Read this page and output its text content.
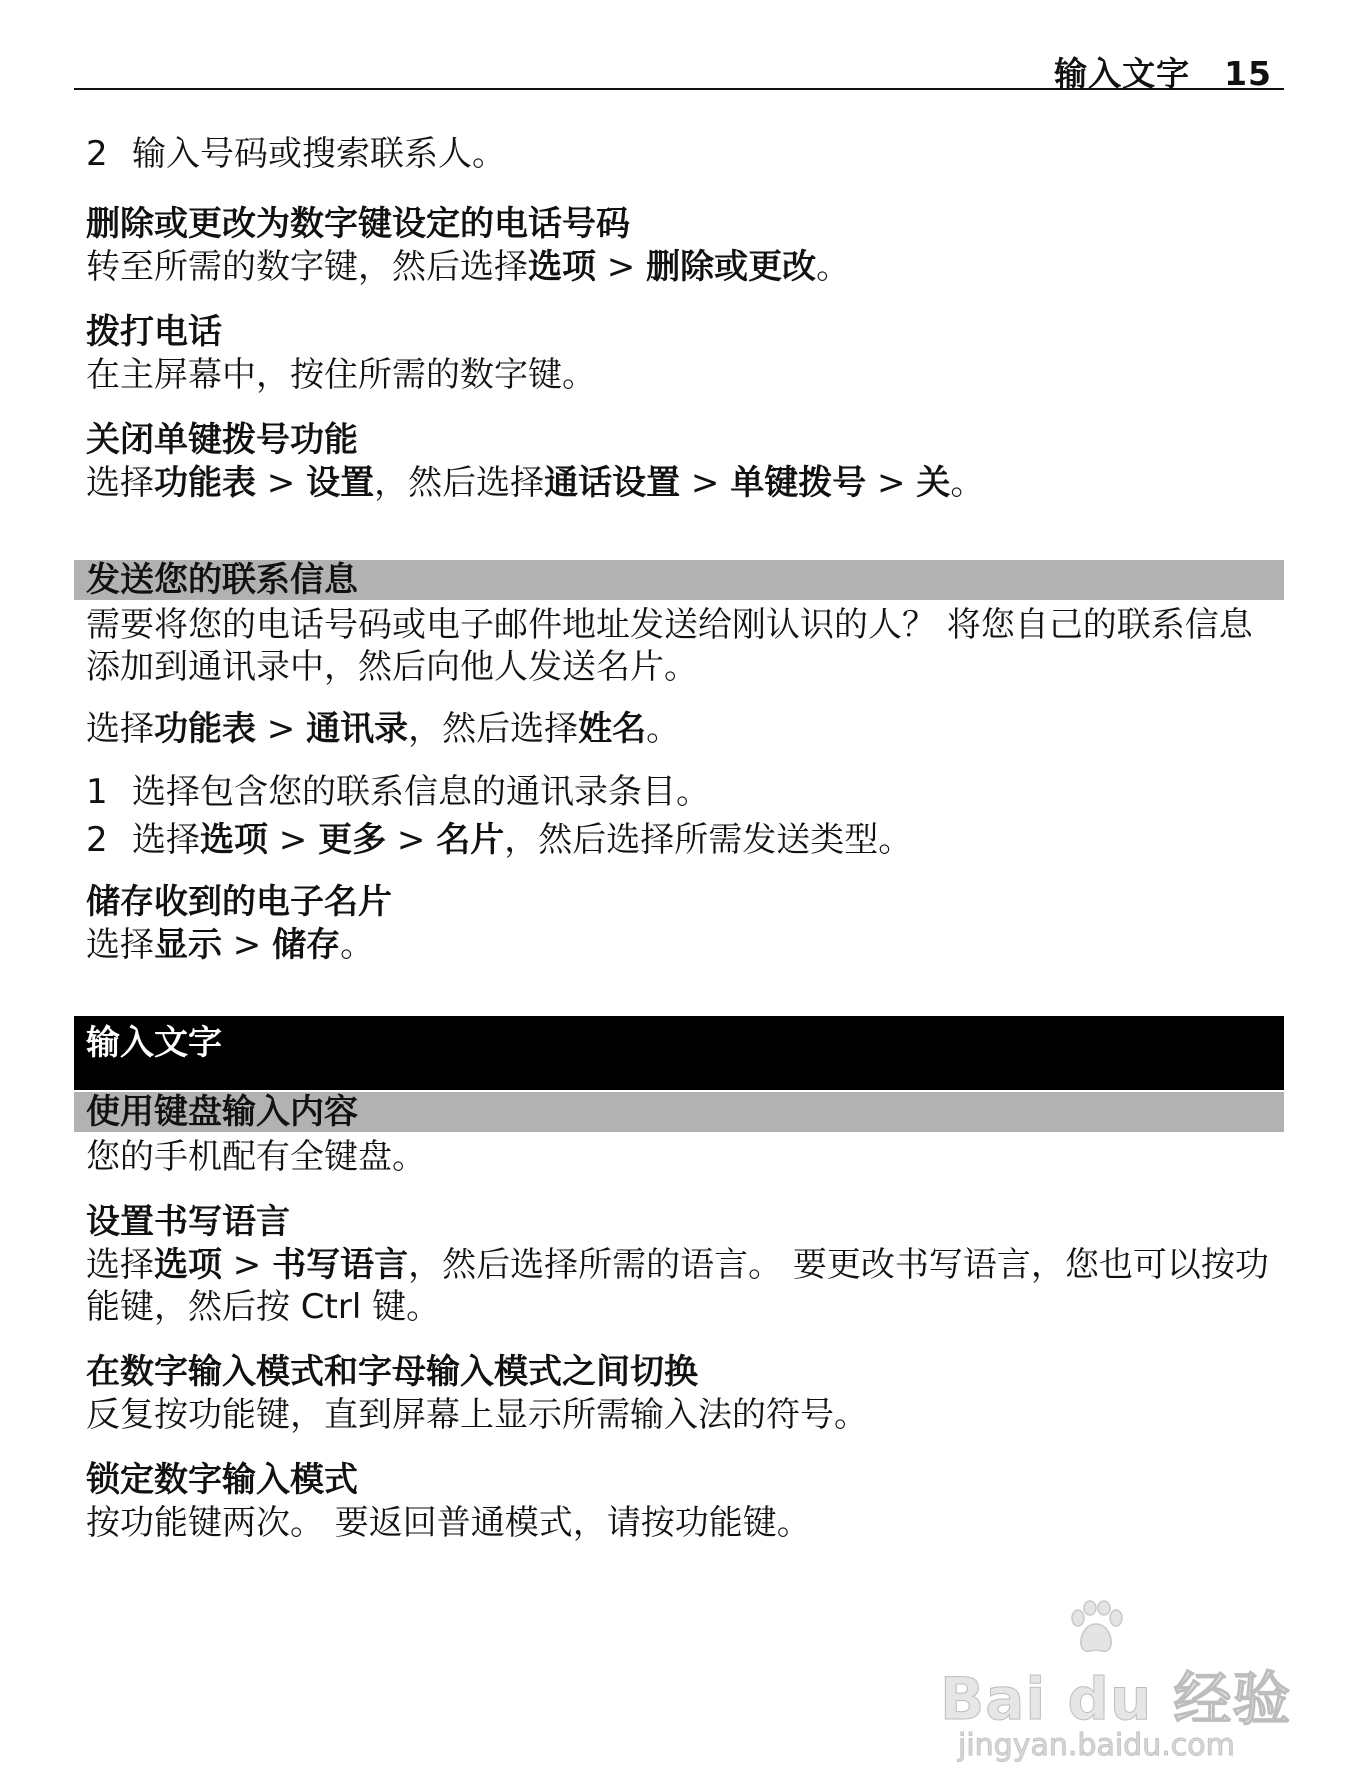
输入文字 15
2 输入号码或搜索联系人。
删除或更改为数字键设定的电话号码
转至所需的数字键，然后选择选项 > 删除或更改。
拨打电话
在主屏幕中，按住所需的数字键。
关闭单键拨号功能
选择功能表 > 设置，然后选择通话设置 > 单键拨号 > 关。
发送您的联系信息
需要将您的电话号码或电子邮件地址发送给刚认识的人？ 将您自己的联系信息添加到通讯录中，然后向他人发送名片。
选择功能表 > 通讯录，然后选择姓名。
1 选择包含您的联系信息的通讯录条目。
2 选择选项 > 更多 > 名片，然后选择所需发送类型。
储存收到的电子名片
选择显示 > 储存。
输入文字
使用键盘输入内容
您的手机配有全键盘。
设置书写语言
选择选项 > 书写语言，然后选择所需的语言。 要更改书写语言，您也可以按功能键，然后按 Ctrl 键。
在数字输入模式和字母输入模式之间切换
反复按功能键，直到屏幕上显示所需输入法的符号。
锁定数字输入模式
按功能键两次。 要返回普通模式，请按功能键。
Bai du 经验
jingyan.baidu.com
